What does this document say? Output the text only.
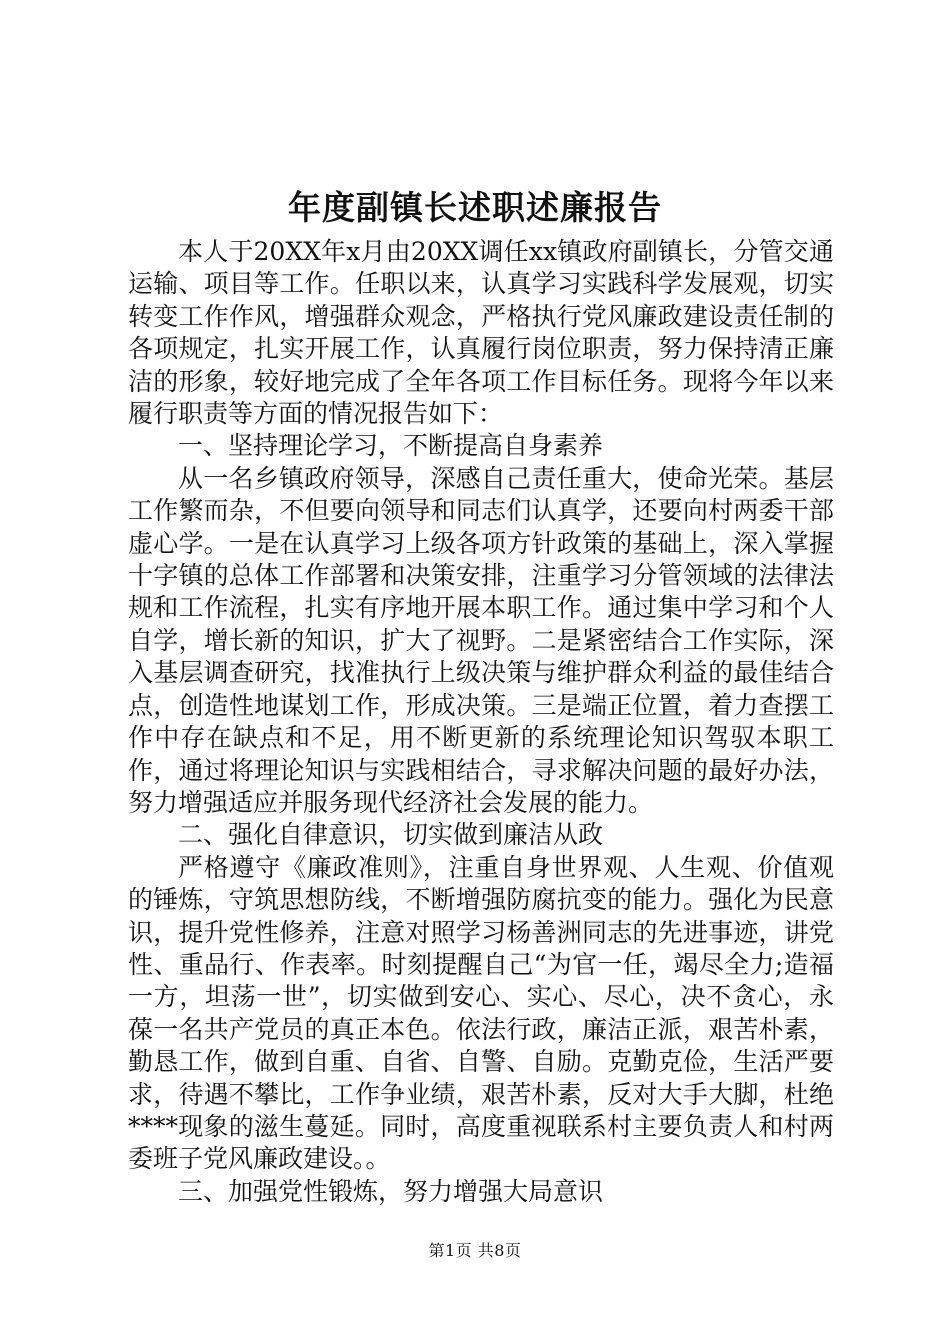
年度副镇长述职述廉报告

本人于20XX年x月由20XX调任xx镇政府副镇长，分管交通运输、项目等工作。任职以来，认真学习实践科学发展观，切实转变工作作风，增强群众观念，严格执行党风廉政建设责任制的各项规定，扎实开展工作，认真履行岗位职责，努力保持清正廉洁的形象，较好地完成了全年各项工作目标任务。现将今年以来履行职责等方面的情况报告如下：

一、坚持理论学习，不断提高自身素养

从一名乡镇政府领导，深感自己责任重大，使命光荣。基层工作繁而杂，不但要向领导和同志们认真学，还要向村两委干部虚心学。一是在认真学习上级各项方针政策的基础上，深入掌握十字镇的总体工作部署和决策安排，注重学习分管领域的法律法规和工作流程，扎实有序地开展本职工作。通过集中学习和个人自学，增长新的知识，扩大了视野。二是紧密结合工作实际，深入基层调查研究，找准执行上级决策与维护群众利益的最佳结合点，创造性地谋划工作，形成决策。三是端正位置，着力查摆工作中存在缺点和不足，用不断更新的系统理论知识驾驭本职工作，通过将理论知识与实践相结合，寻求解决问题的最好办法，努力增强适应并服务现代经济社会发展的能力。

二、强化自律意识，切实做到廉洁从政

严格遵守《廉政准则》，注重自身世界观、人生观、价值观的锤炼，守筑思想防线，不断增强防腐抗变的能力。强化为民意识，提升党性修养，注意对照学习杨善洲同志的先进事迹，讲党性、重品行、作表率。时刻提醒自己“为官一任，竭尽全力;造福一方，坦荡一世”，切实做到安心、实心、尽心，决不贪心，永葆一名共产党员的真正本色。依法行政，廉洁正派，艰苦朴素，勤恳工作，做到自重、自省、自警、自励。克勤克俭，生活严要求，待遇不攀比，工作争业绩，艰苦朴素，反对大手大脚，杜绝****现象的滋生蔓延。同时，高度重视联系村主要负责人和村两委班子党风廉政建设。。

三、加强党性锻炼，努力增强大局意识

第1页 共8页
